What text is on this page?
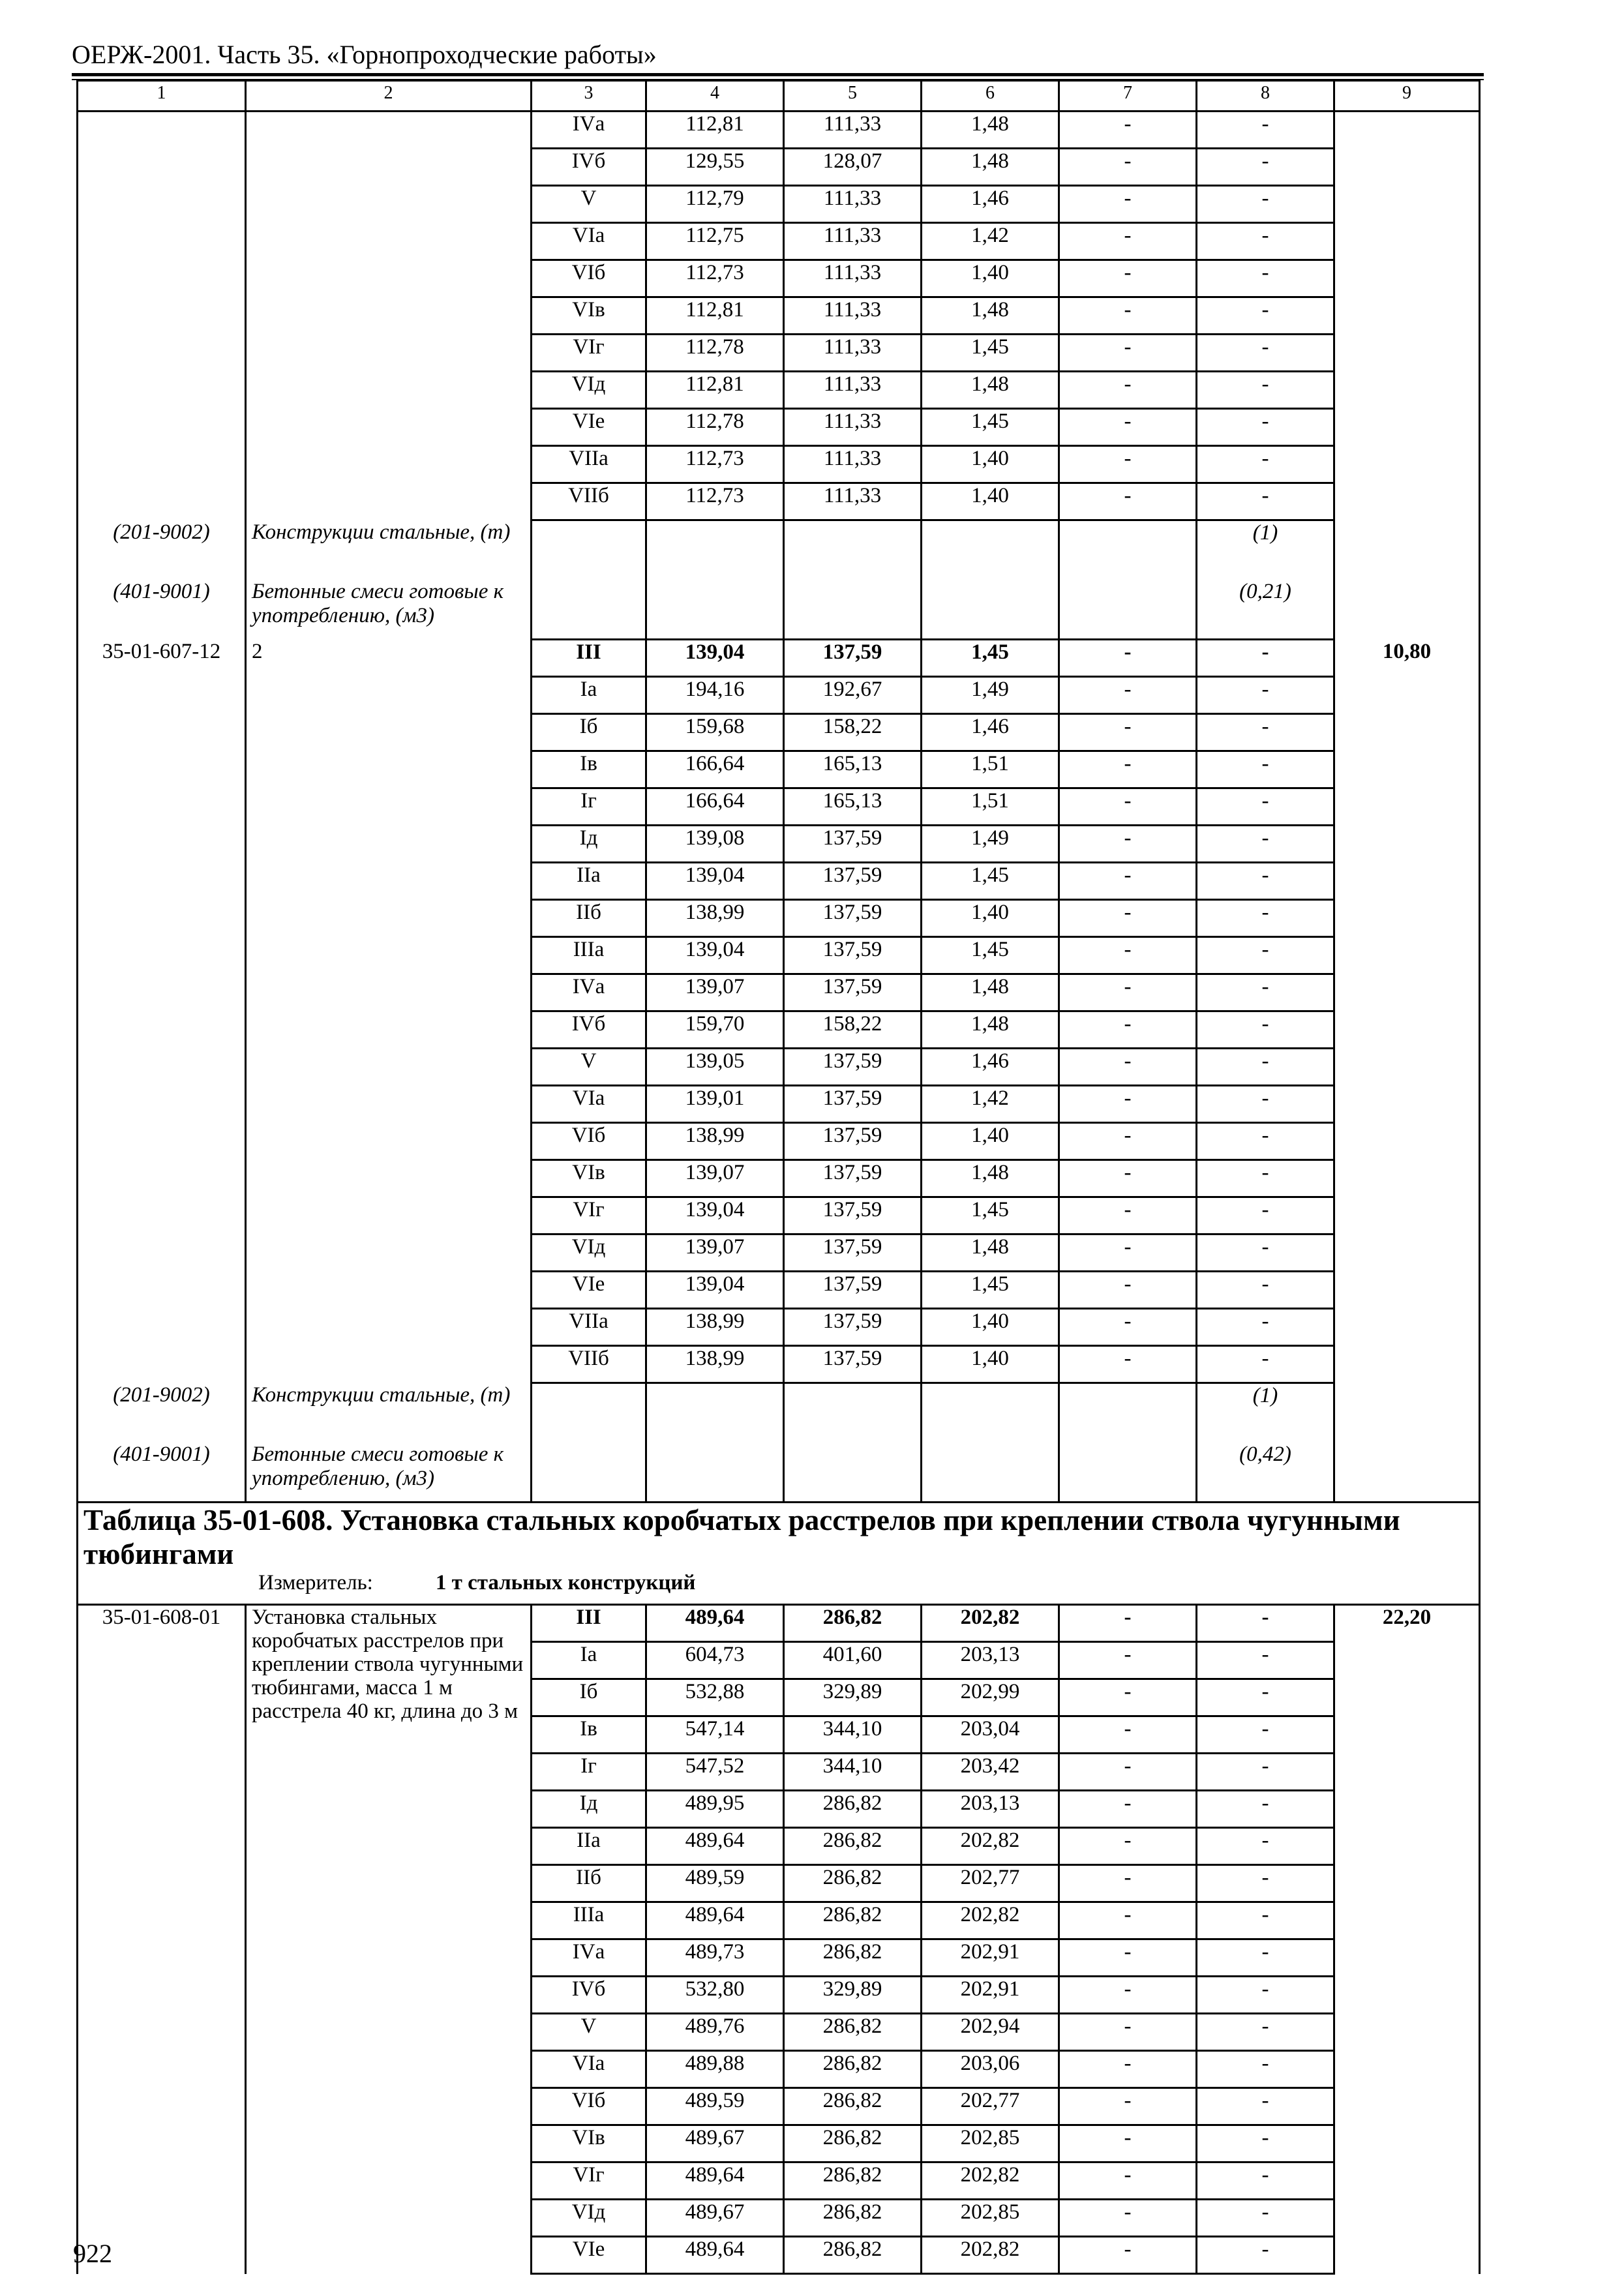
ОЕРЖ-2001. Часть 35. «Горнопроходческие работы»
1	2	3	4	5	6	7	8	9
		IVа	112,81	111,33	1,48	-	-	
		IVб	129,55	128,07	1,48	-	-	
		V	112,79	111,33	1,46	-	-	
		VIа	112,75	111,33	1,42	-	-	
		VIб	112,73	111,33	1,40	-	-	
		VIв	112,81	111,33	1,48	-	-	
		VIг	112,78	111,33	1,45	-	-	
		VIд	112,81	111,33	1,48	-	-	
		VIе	112,78	111,33	1,45	-	-	
		VIIа	112,73	111,33	1,40	-	-	
		VIIб	112,73	111,33	1,40	-	-	
(201-9002)	Конструкции стальные, (т)						(1)	
(401-9001)	Бетонные смеси готовые к употреблению, (м3)						(0,21)	
35-01-607-12	2	III	139,04	137,59	1,45	-	-	10,80
		Iа	194,16	192,67	1,49	-	-	
		Iб	159,68	158,22	1,46	-	-	
		Iв	166,64	165,13	1,51	-	-	
		Iг	166,64	165,13	1,51	-	-	
		Iд	139,08	137,59	1,49	-	-	
		IIа	139,04	137,59	1,45	-	-	
		IIб	138,99	137,59	1,40	-	-	
		IIIа	139,04	137,59	1,45	-	-	
		IVа	139,07	137,59	1,48	-	-	
		IVб	159,70	158,22	1,48	-	-	
		V	139,05	137,59	1,46	-	-	
		VIа	139,01	137,59	1,42	-	-	
		VIб	138,99	137,59	1,40	-	-	
		VIв	139,07	137,59	1,48	-	-	
		VIг	139,04	137,59	1,45	-	-	
		VIд	139,07	137,59	1,48	-	-	
		VIе	139,04	137,59	1,45	-	-	
		VIIа	138,99	137,59	1,40	-	-	
		VIIб	138,99	137,59	1,40	-	-	
(201-9002)	Конструкции стальные, (т)						(1)	
(401-9001)	Бетонные смеси готовые к употреблению, (м3)						(0,42)	
Таблица 35-01-608. Установка стальных коробчатых расстрелов при креплении ствола чугунными тюбингами								
Измеритель: 1 т стальных конструкций								
35-01-608-01	Установка стальных коробчатых расстрелов при креплении ствола чугунными тюбингами, масса 1 м расстрела 40 кг, длина до 3 м	III	489,64	286,82	202,82	-	-	22,20
		Iа	604,73	401,60	203,13	-	-	
		Iб	532,88	329,89	202,99	-	-	
		Iв	547,14	344,10	203,04	-	-	
		Iг	547,52	344,10	203,42	-	-	
		Iд	489,95	286,82	203,13	-	-	
		IIа	489,64	286,82	202,82	-	-	
		IIб	489,59	286,82	202,77	-	-	
		IIIа	489,64	286,82	202,82	-	-	
		IVа	489,73	286,82	202,91	-	-	
		IVб	532,80	329,89	202,91	-	-	
		V	489,76	286,82	202,94	-	-	
		VIа	489,88	286,82	203,06	-	-	
		VIб	489,59	286,82	202,77	-	-	
		VIв	489,67	286,82	202,85	-	-	
		VIг	489,64	286,82	202,82	-	-	
		VIд	489,67	286,82	202,85	-	-	
		VIе	489,64	286,82	202,82	-	-	
922
